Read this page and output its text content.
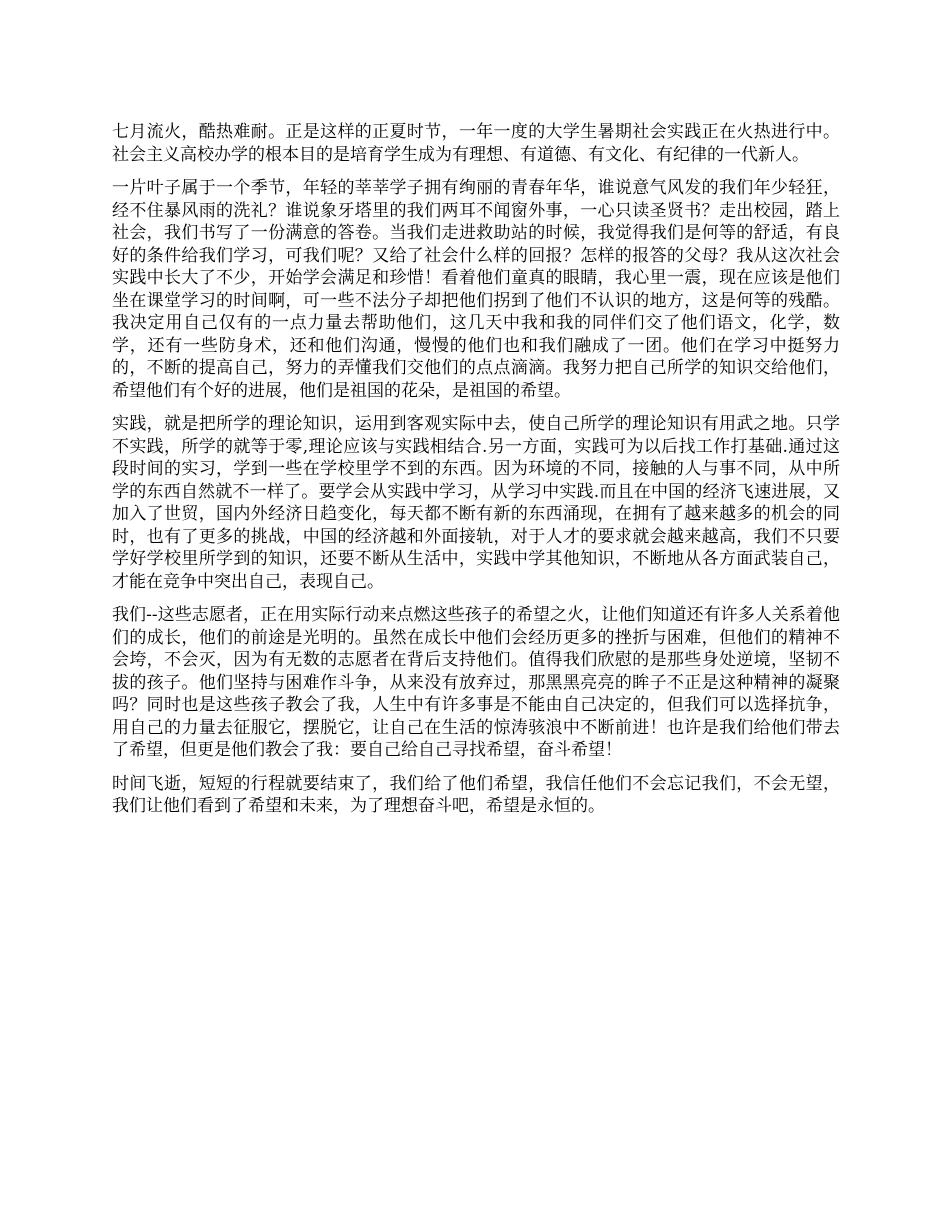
七月流火，酷热难耐。正是这样的正夏时节，一年一度的大学生暑期社会实践正在火热进行中。社会主义高校办学的根本目的是培育学生成为有理想、有道德、有文化、有纪律的一代新人。

一片叶子属于一个季节，年轻的莘莘学子拥有绚丽的青春年华，谁说意气风发的我们年少轻狂，经不住暴风雨的洗礼？谁说象牙塔里的我们两耳不闻窗外事，一心只读圣贤书？走出校园，踏上社会，我们书写了一份满意的答卷。当我们走进救助站的时候，我觉得我们是何等的舒适，有良好的条件给我们学习，可我们呢？又给了社会什么样的回报？怎样的报答的父母？我从这次社会实践中长大了不少，开始学会满足和珍惜！看着他们童真的眼睛，我心里一震，现在应该是他们坐在课堂学习的时间啊，可一些不法分子却把他们拐到了他们不认识的地方，这是何等的残酷。我决定用自己仅有的一点力量去帮助他们，这几天中我和我的同伴们交了他们语文，化学，数学，还有一些防身术，还和他们沟通，慢慢的他们也和我们融成了一团。他们在学习中挺努力的，不断的提高自己，努力的弄懂我们交他们的点点滴滴。我努力把自己所学的知识交给他们，希望他们有个好的进展，他们是祖国的花朵，是祖国的希望。

实践，就是把所学的理论知识，运用到客观实际中去，使自己所学的理论知识有用武之地。只学不实践，所学的就等于零,理论应该与实践相结合.另一方面，实践可为以后找工作打基础.通过这段时间的实习，学到一些在学校里学不到的东西。因为环境的不同，接触的人与事不同，从中所学的东西自然就不一样了。要学会从实践中学习，从学习中实践.而且在中国的经济飞速进展，又加入了世贸，国内外经济日趋变化，每天都不断有新的东西涌现，在拥有了越来越多的机会的同时，也有了更多的挑战，中国的经济越和外面接轨，对于人才的要求就会越来越高，我们不只要学好学校里所学到的知识，还要不断从生活中，实践中学其他知识，不断地从各方面武装自己，才能在竞争中突出自己，表现自己。

我们--这些志愿者，正在用实际行动来点燃这些孩子的希望之火，让他们知道还有许多人关系着他们的成长，他们的前途是光明的。虽然在成长中他们会经历更多的挫折与困难，但他们的精神不会垮，不会灭，因为有无数的志愿者在背后支持他们。值得我们欣慰的是那些身处逆境，坚韧不拔的孩子。他们坚持与困难作斗争，从来没有放弃过，那黑黑亮亮的眸子不正是这种精神的凝聚吗？同时也是这些孩子教会了我，人生中有许多事是不能由自己决定的，但我们可以选择抗争，用自己的力量去征服它，摆脱它，让自己在生活的惊涛骇浪中不断前进！也许是我们给他们带去了希望，但更是他们教会了我：要自己给自己寻找希望，奋斗希望！

时间飞逝，短短的行程就要结束了，我们给了他们希望，我信任他们不会忘记我们，不会无望，我们让他们看到了希望和未来，为了理想奋斗吧，希望是永恒的。
